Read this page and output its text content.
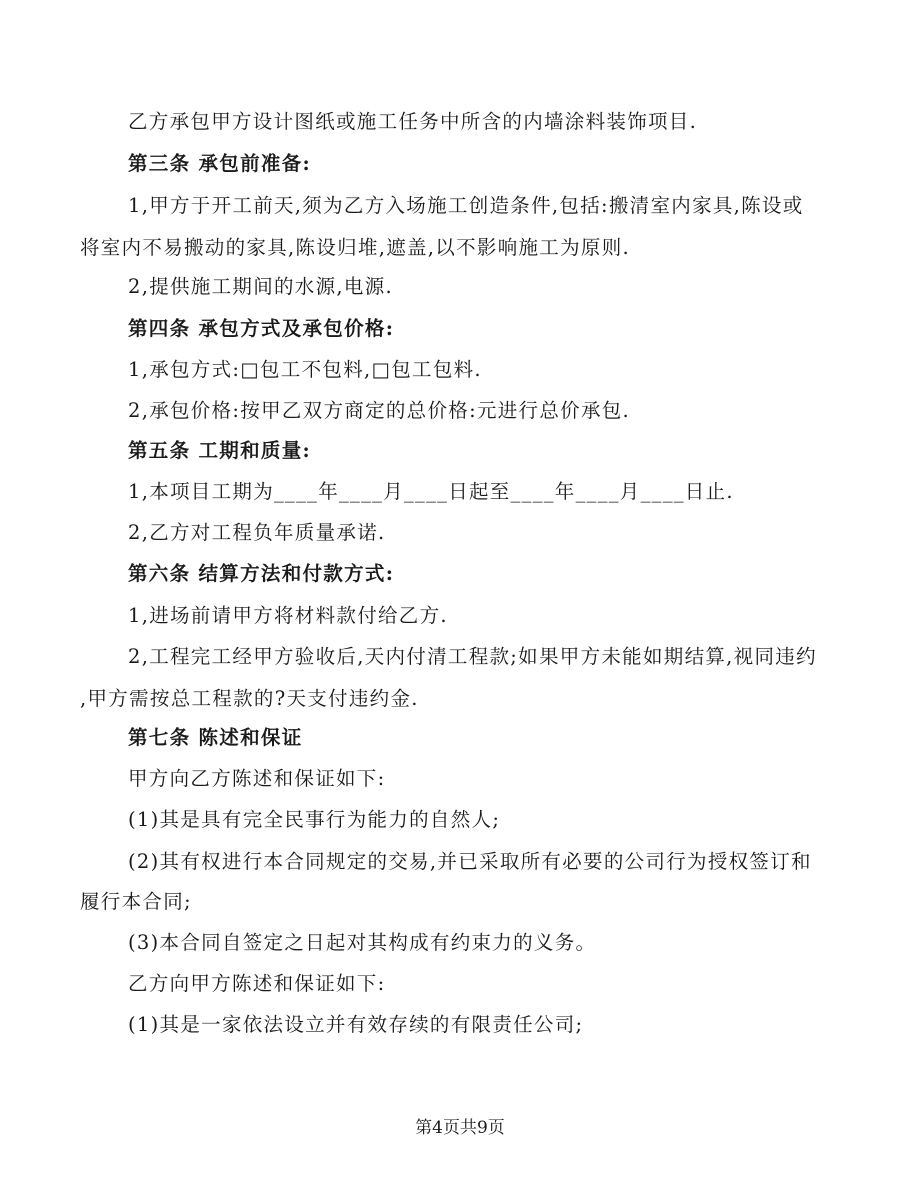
乙方承包甲方设计图纸或施工任务中所含的内墙涂料装饰项目.
第三条 承包前准备:
1,甲方于开工前天,须为乙方入场施工创造条件,包括:搬清室内家具,陈设或
将室内不易搬动的家具,陈设归堆,遮盖,以不影响施工为原则.
2,提供施工期间的水源,电源.
第四条 承包方式及承包价格:
1,承包方式:□包工不包料,□包工包料.
2,承包价格:按甲乙双方商定的总价格:元进行总价承包.
第五条 工期和质量:
1,本项目工期为____年____月____日起至____年____月____日止.
2,乙方对工程负年质量承诺.
第六条 结算方法和付款方式:
1,进场前请甲方将材料款付给乙方.
2,工程完工经甲方验收后,天内付清工程款;如果甲方未能如期结算,视同违约
,甲方需按总工程款的?天支付违约金.
第七条 陈述和保证
甲方向乙方陈述和保证如下:
(1)其是具有完全民事行为能力的自然人;
(2)其有权进行本合同规定的交易,并已采取所有必要的公司行为授权签订和
履行本合同;
(3)本合同自签定之日起对其构成有约束力的义务。
乙方向甲方陈述和保证如下:
(1)其是一家依法设立并有效存续的有限责任公司;
第4页共9页
